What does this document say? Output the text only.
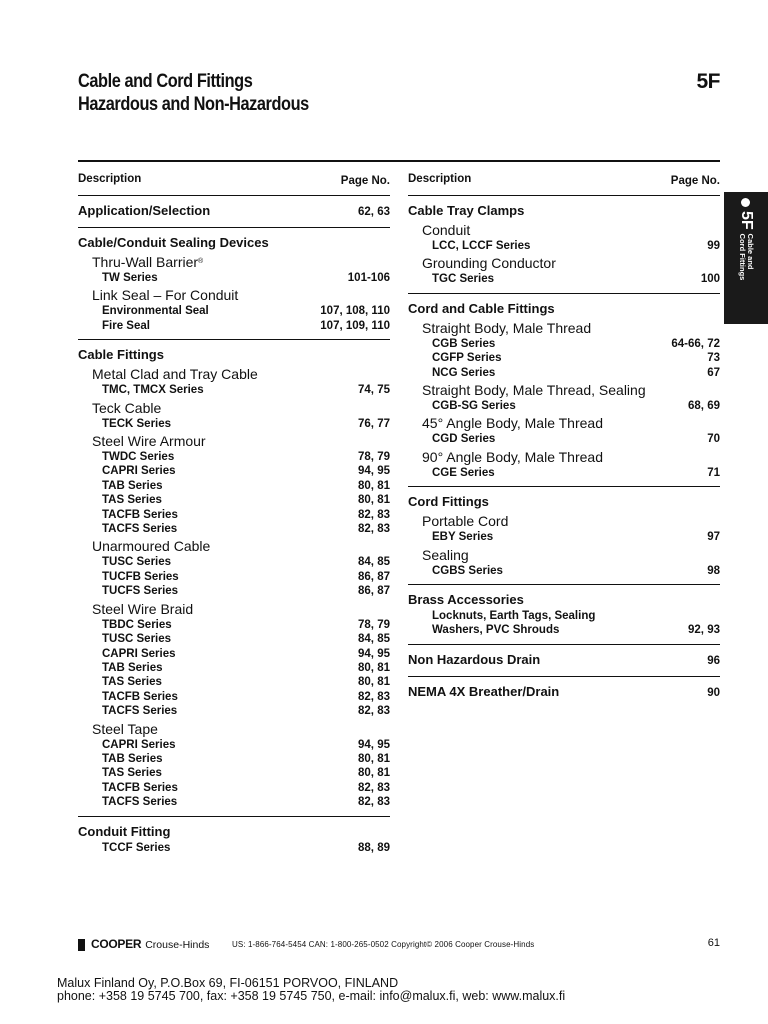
Cable and Cord Fittings
Hazardous and Non-Hazardous
5F
5F
Cable and
Cord Fittings
Description	Page No.
Application/Selection	62, 63
Cable/Conduit Sealing Devices
Thru-Wall Barrier®
TW Series	101-106
Link Seal – For Conduit
Environmental Seal	107, 108, 110
Fire Seal	107, 109, 110
Cable Fittings
Metal Clad and Tray Cable
TMC, TMCX Series	74, 75
Teck Cable
TECK Series	76, 77
Steel Wire Armour
TWDC Series	78, 79
CAPRI Series	94, 95
TAB Series	80, 81
TAS Series	80, 81
TACFB Series	82, 83
TACFS Series	82, 83
Unarmoured Cable
TUSC Series	84, 85
TUCFB Series	86, 87
TUCFS Series	86, 87
Steel Wire Braid
TBDC Series	78, 79
TUSC Series	84, 85
CAPRI Series	94, 95
TAB Series	80, 81
TAS Series	80, 81
TACFB Series	82, 83
TACFS Series	82, 83
Steel Tape
CAPRI Series	94, 95
TAB Series	80, 81
TAS Series	80, 81
TACFB Series	82, 83
TACFS Series	82, 83
Conduit Fitting
TCCF Series	88, 89
Description	Page No.
Cable Tray Clamps
Conduit
LCC, LCCF Series	99
Grounding Conductor
TGC Series	100
Cord and Cable Fittings
Straight Body, Male Thread
CGB Series	64-66, 72
CGFP Series	73
NCG Series	67
Straight Body, Male Thread, Sealing
CGB-SG Series	68, 69
45° Angle Body, Male Thread
CGD Series	70
90° Angle Body, Male Thread
CGE Series	71
Cord Fittings
Portable Cord
EBY Series	97
Sealing
CGBS Series	98
Brass Accessories
Locknuts, Earth Tags, Sealing
Washers, PVC Shrouds	92, 93
Non Hazardous Drain	96
NEMA 4X Breather/Drain	90
COOPER Crouse-Hinds	US: 1-866-764-5454 CAN: 1-800-265-0502 Copyright© 2006 Cooper Crouse-Hinds	61
Malux Finland Oy, P.O.Box 69, FI-06151 PORVOO, FINLAND
phone: +358 19 5745 700, fax: +358 19 5745 750, e-mail: info@malux.fi, web: www.malux.fi
